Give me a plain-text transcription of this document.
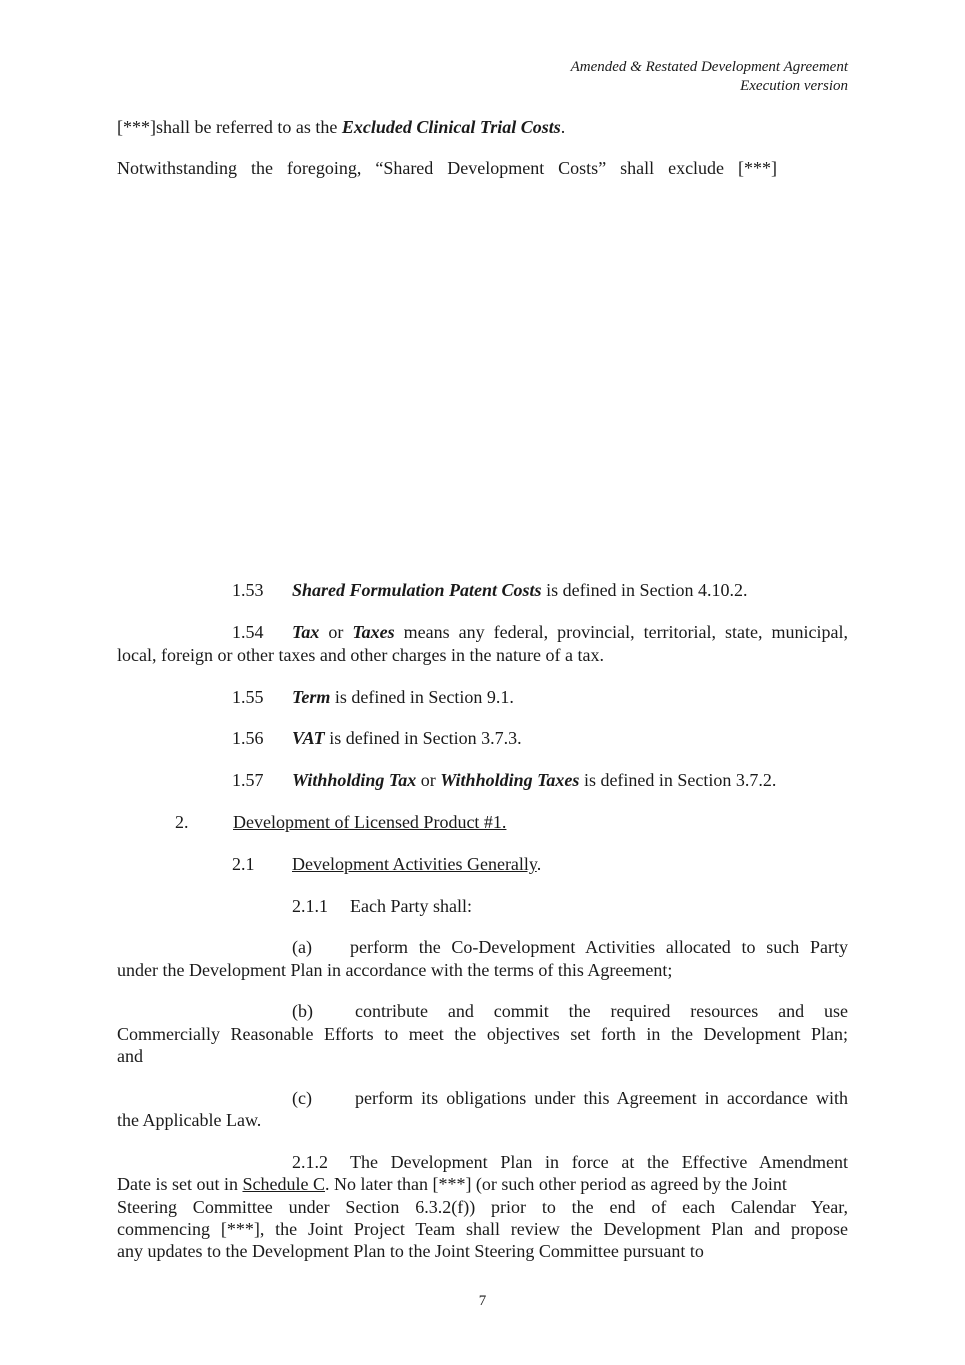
Amended & Restated Development Agreement
Execution version
[***]shall be referred to as the Excluded Clinical Trial Costs.
Notwithstanding the foregoing, “Shared Development Costs” shall exclude [***]
1.53 Shared Formulation Patent Costs is defined in Section 4.10.2.
1.54 Tax or Taxes means any federal, provincial, territorial, state, municipal,
local, foreign or other taxes and other charges in the nature of a tax.
1.55 Term is defined in Section 9.1.
1.56 VAT is defined in Section 3.7.3.
1.57 Withholding Tax or Withholding Taxes is defined in Section 3.7.2.
2. Development of Licensed Product #1.
2.1 Development Activities Generally.
2.1.1 Each Party shall:
(a) perform the Co-Development Activities allocated to such Party
under the Development Plan in accordance with the terms of this Agreement;
(b) contribute and commit the required resources and use
Commercially Reasonable Efforts to meet the objectives set forth in the Development Plan;
and
(c) perform its obligations under this Agreement in accordance with
the Applicable Law.
2.1.2 The Development Plan in force at the Effective Amendment
Date is set out in Schedule C. No later than [***] (or such other period as agreed by the Joint
Steering Committee under Section 6.3.2(f)) prior to the end of each Calendar Year,
commencing [***], the Joint Project Team shall review the Development Plan and propose
any updates to the Development Plan to the Joint Steering Committee pursuant to
7
